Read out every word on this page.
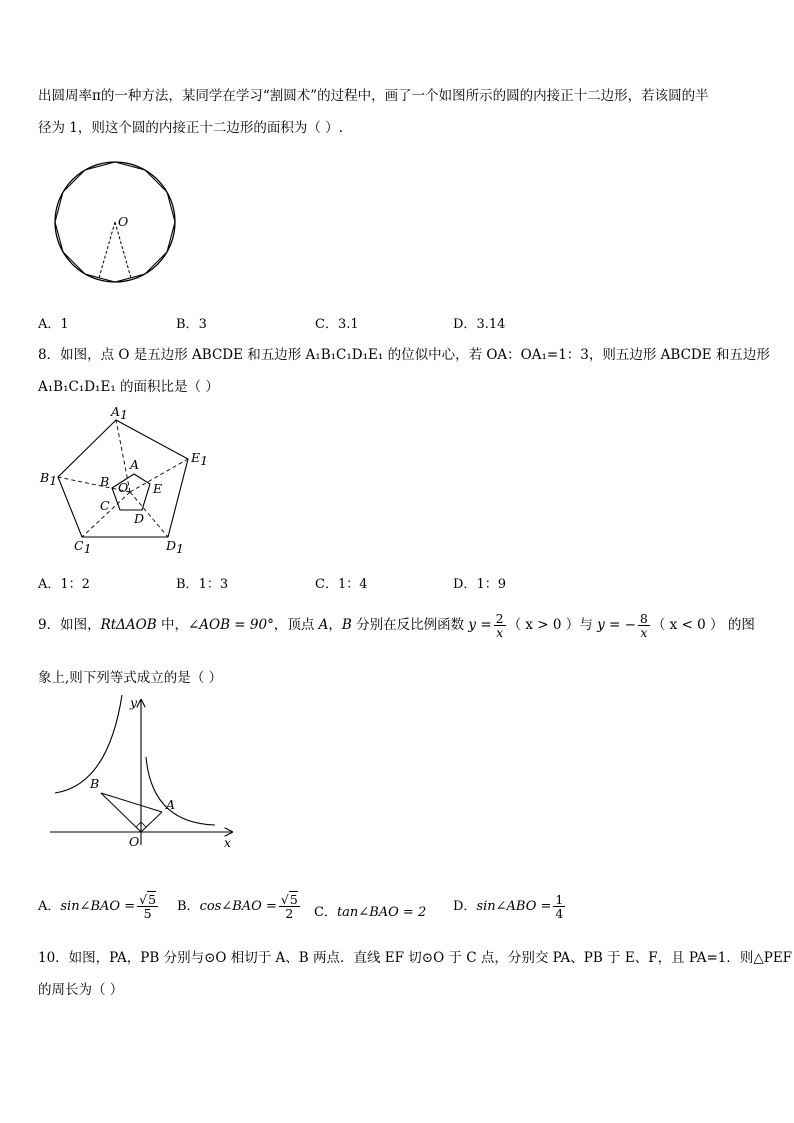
出圆周率π的一种方法，某同学在学习“割圆术”的过程中，画了一个如图所示的圆的内接正十二边形，若该圆的半
径为 1，则这个圆的内接正十二边形的面积为（ ）.
O
A．1	B．3	C．3.1	D．3.14
8．如图，点 O 是五边形 ABCDE 和五边形 A₁B₁C₁D₁E₁ 的位似中心，若 OA：OA₁=1：3，则五边形 ABCDE 和五边形
A₁B₁C₁D₁E₁ 的面积比是（ ）
A1
E1
B1
C1	D1
A
B
C
D
E
O
A．1：2	B．1：3	C．1：4	D．1：9
9．如图，RtΔAOB 中，∠AOB = 90°，顶点 A，B 分别在反比例函数 $y = \frac{2}{x}$ （ x > 0 ）与 y = − $\frac{8}{x}$ （ x < 0 ） 的图
象上,则下列等式成立的是（ ）
y
x
O
B
A
A．sin∠BAO = $\frac{√5}{5}$ B．cos∠BAO = $\frac{√5}{2}$ C．tan∠BAO = 2 D．sin∠ABO = $\frac{1}{4}$
10．如图，PA，PB 分别与⊙O 相切于 A、B 两点．直线 EF 切⊙O 于 C 点，分别交 PA、PB 于 E、F，且 PA=1．则△PEF
的周长为（ ）
